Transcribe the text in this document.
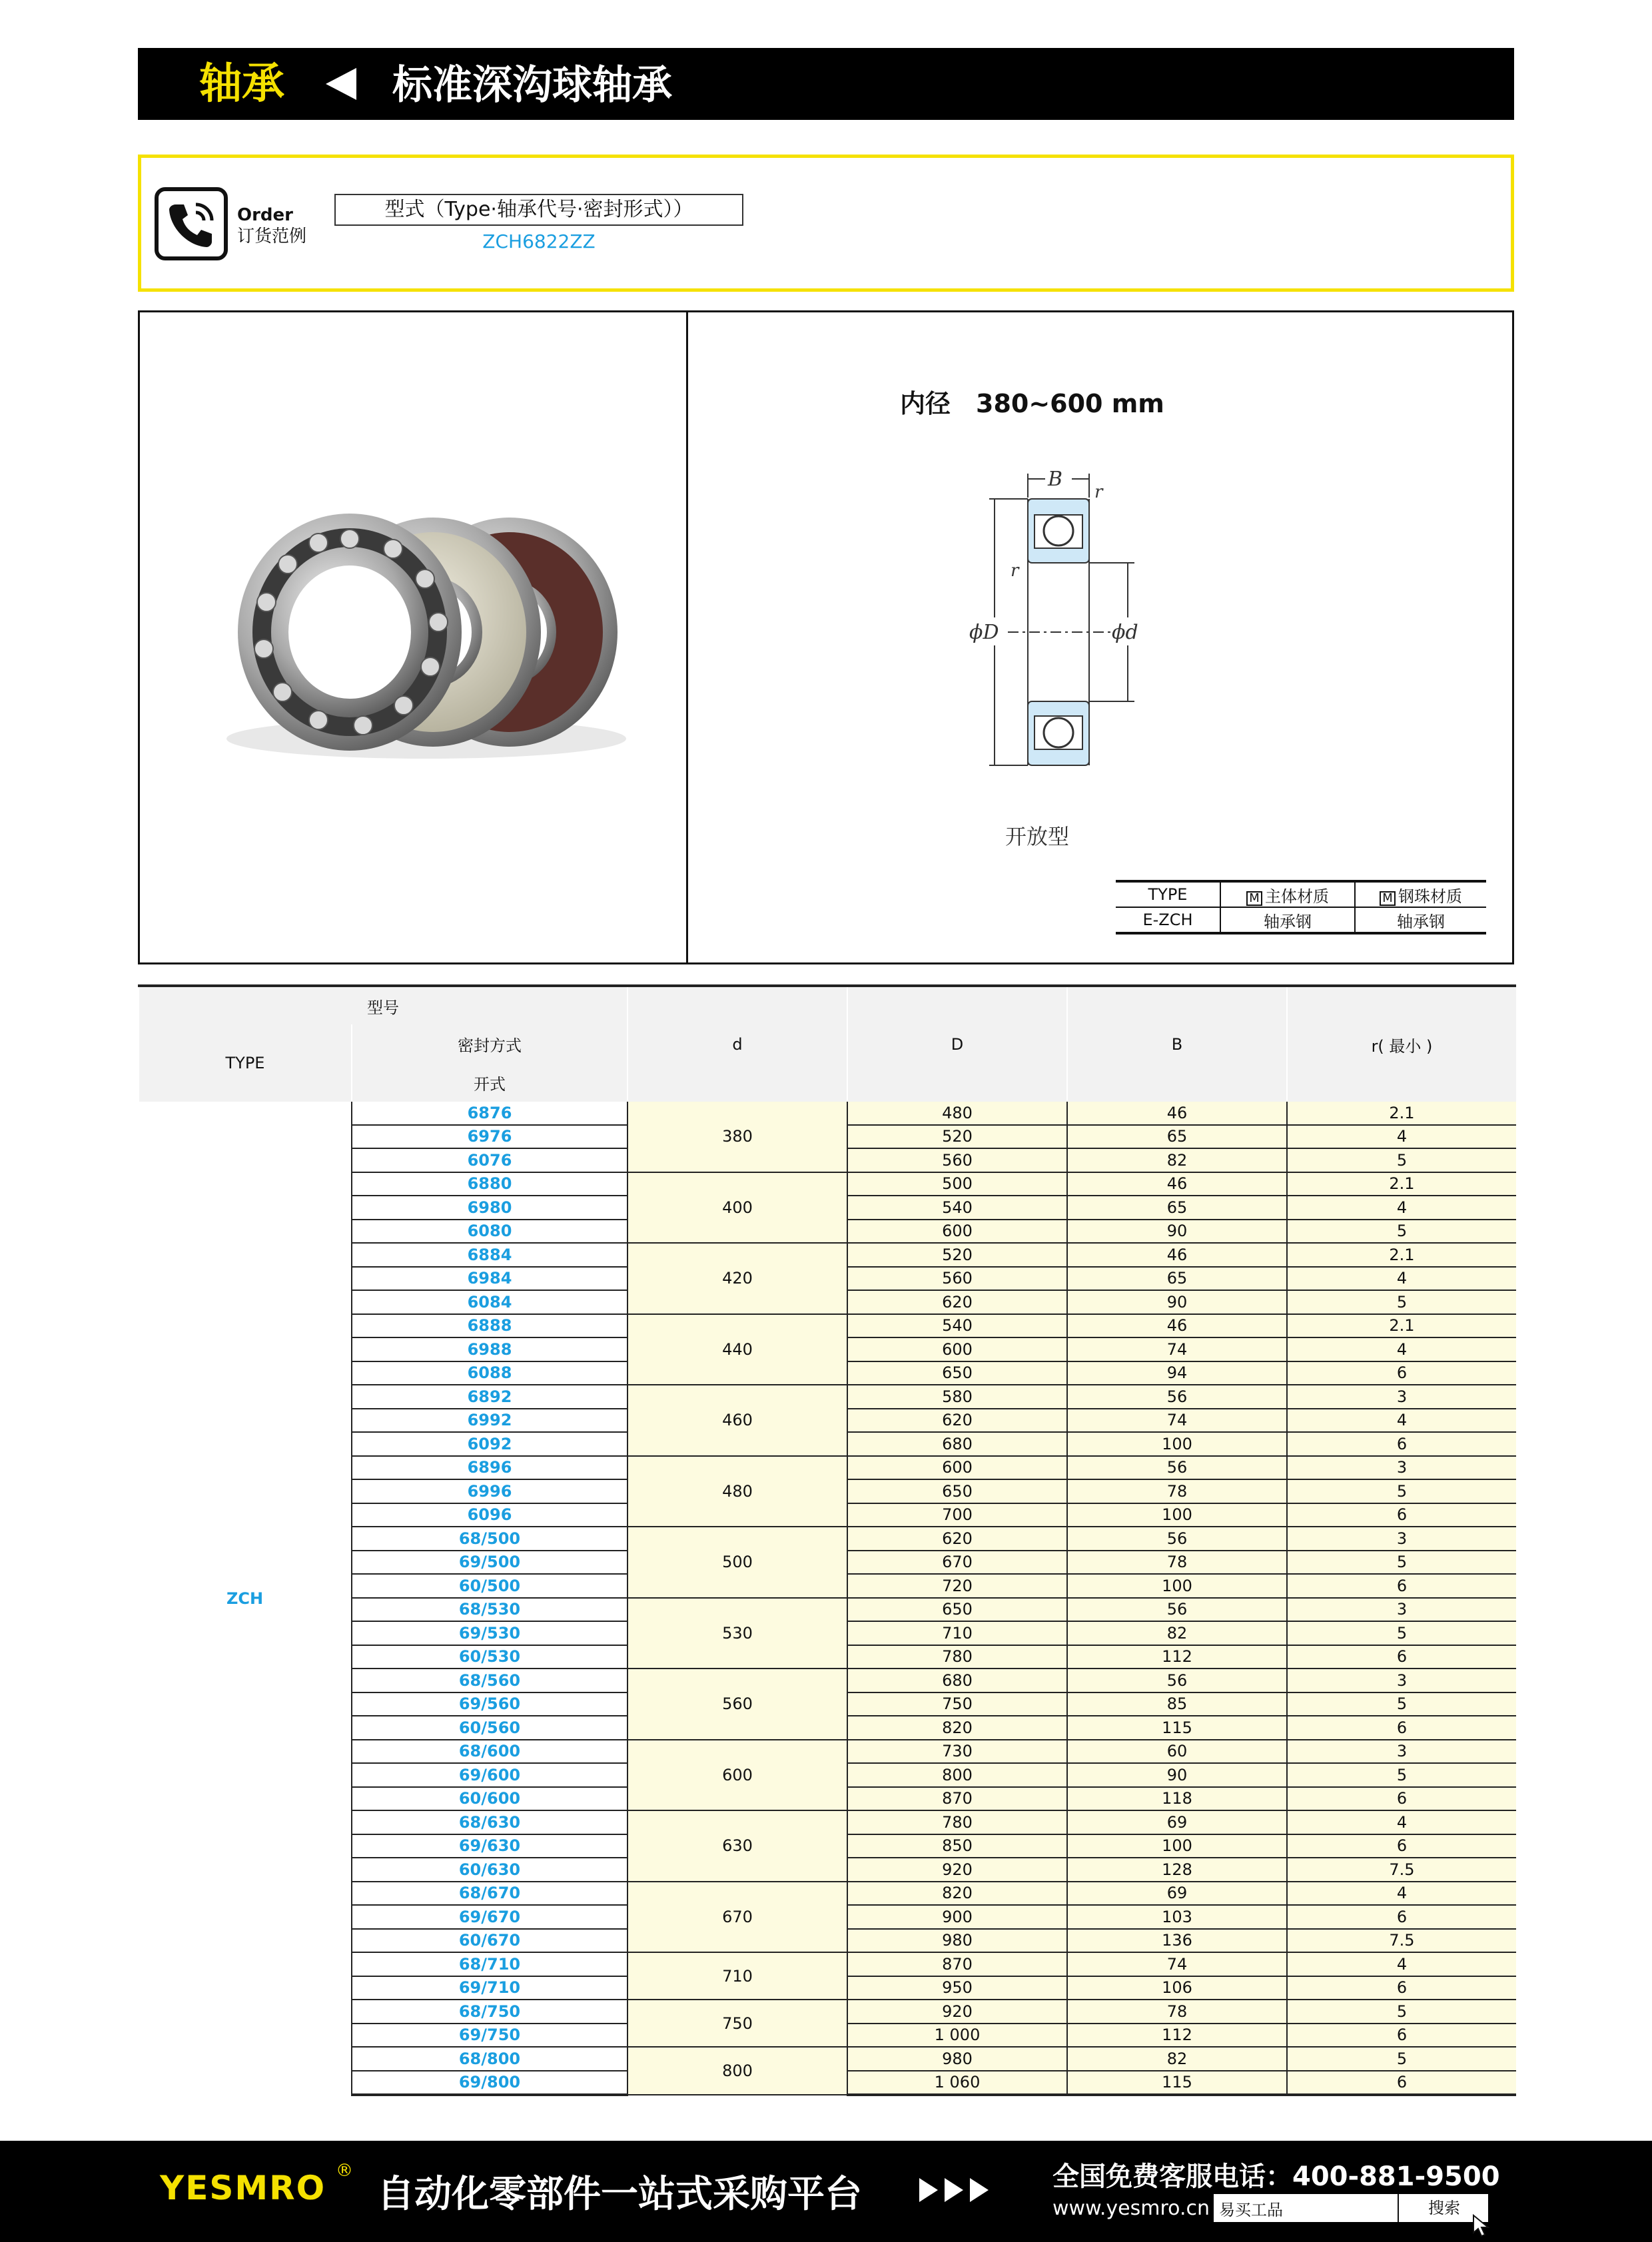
轴承	标准深沟球轴承
Order
订货范例
型式（Type·轴承代号·密封形式））
ZCH6822ZZ
内径　380~600 mm
B
r
r
ϕD	ϕd
开放型
TYPE	M 主体材质	M 钢珠材质
E-ZCH	轴承钢	轴承钢
型号		d	D	B	r( 最小 )
TYPE	密封方式				
	开式				
ZCH	6876	380	480	46	2.1
	6976		520	65	4
	6076		560	82	5
	6880	400	500	46	2.1
	6980		540	65	4
	6080		600	90	5
	6884	420	520	46	2.1
	6984		560	65	4
	6084		620	90	5
	6888	440	540	46	2.1
	6988		600	74	4
	6088		650	94	6
	6892	460	580	56	3
	6992		620	74	4
	6092		680	100	6
	6896	480	600	56	3
	6996		650	78	5
	6096		700	100	6
	68/500	500	620	56	3
	69/500		670	78	5
	60/500		720	100	6
	68/530	530	650	56	3
	69/530		710	82	5
	60/530		780	112	6
	68/560	560	680	56	3
	69/560		750	85	5
	60/560		820	115	6
	68/600	600	730	60	3
	69/600		800	90	5
	60/600		870	118	6
	68/630	630	780	69	4
	69/630		850	100	6
	60/630		920	128	7.5
	68/670	670	820	69	4
	69/670		900	103	6
	60/670		980	136	7.5
	68/710	710	870	74	4
	69/710		950	106	6
	68/750	750	920	78	5
	69/750		1 000	112	6
	68/800	800	980	82	5
	69/800		1 060	115	6
YESMRO ®
自动化零部件一站式采购平台	全国免费客服电话：400-881-9500
www.yesmro.cn 易买工品	搜索
